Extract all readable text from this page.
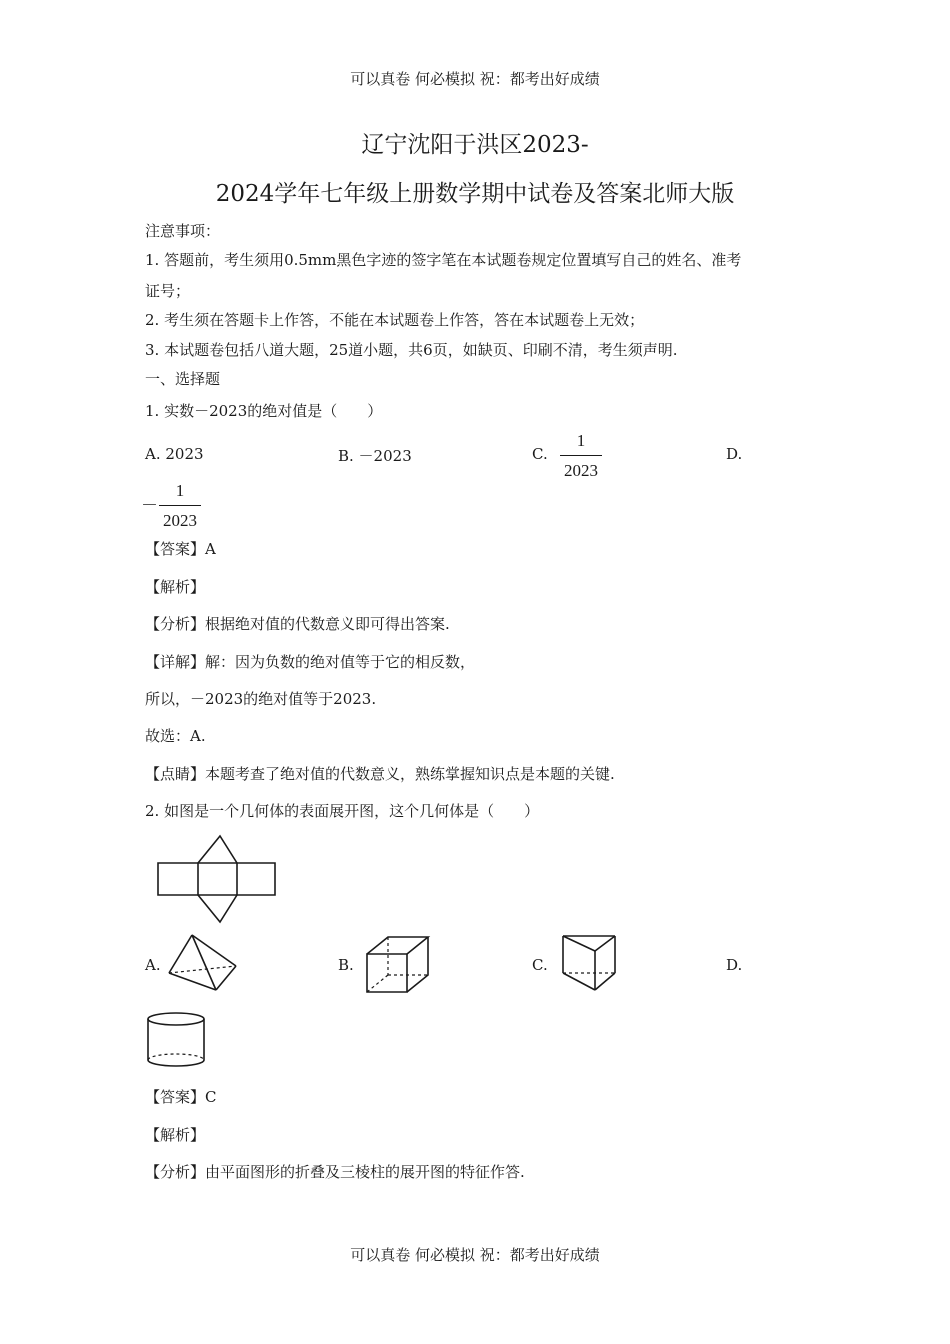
可以真卷 何必模拟 祝：都考出好成绩
辽宁沈阳于洪区2023-
2024学年七年级上册数学期中试卷及答案北师大版
注意事项：
1. 答题前，考生须用0.5mm黑色字迹的签字笔在本试题卷规定位置填写自己的姓名、准考
证号；
2. 考生须在答题卡上作答，不能在本试题卷上作答，答在本试题卷上无效；
3. 本试题卷包括八道大题，25道小题，共6页，如缺页、印刷不清，考生须声明.
一、选择题
1. 实数－2023的绝对值是（　　）
A. 2023	B. －2023	C.
1
2023
D.
－
1
2023
【答案】A
【解析】
【分析】根据绝对值的代数意义即可得出答案.
【详解】解：因为负数的绝对值等于它的相反数，
所以，－2023的绝对值等于2023.
故选：A.
【点睛】本题考查了绝对值的代数意义，熟练掌握知识点是本题的关键.
2. 如图是一个几何体的表面展开图，这个几何体是（　　）
A.	B.	C.	D.
【答案】C
【解析】
【分析】由平面图形的折叠及三棱柱的展开图的特征作答.
可以真卷 何必模拟 祝：都考出好成绩
